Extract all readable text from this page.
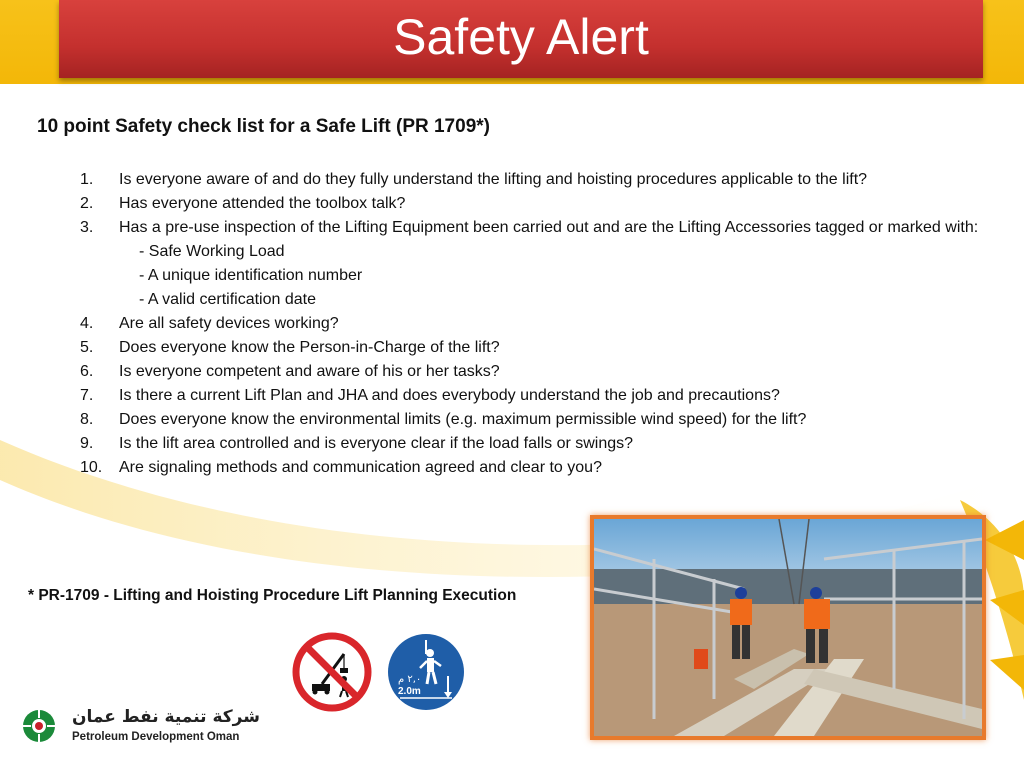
Safety Alert
10 point Safety check list for a Safe Lift (PR 1709*)
1.	Is everyone aware of and do they fully understand the lifting and hoisting procedures applicable to the lift?
2.	Has everyone attended the toolbox talk?
3.	Has a pre-use inspection of the Lifting Equipment been carried out and are the Lifting Accessories tagged or marked with:
- Safe Working Load
- A unique identification number
- A valid certification date
4.	Are all safety devices working?
5.	Does everyone know the Person-in-Charge of the lift?
6.	Is everyone competent and aware of his or her tasks?
7.	Is there a current Lift Plan and JHA and does everybody understand the job and precautions?
8.	Does everyone know the environmental limits (e.g. maximum permissible wind speed) for the lift?
9.	Is the lift area controlled and is everyone clear if the load falls or swings?
10.	Are signaling methods and communication agreed and clear to you?
* PR-1709 - Lifting and Hoisting Procedure Lift Planning Execution
٢,٠ م
2.0m
شركة تنمية نفط عمان
Petroleum Development Oman
